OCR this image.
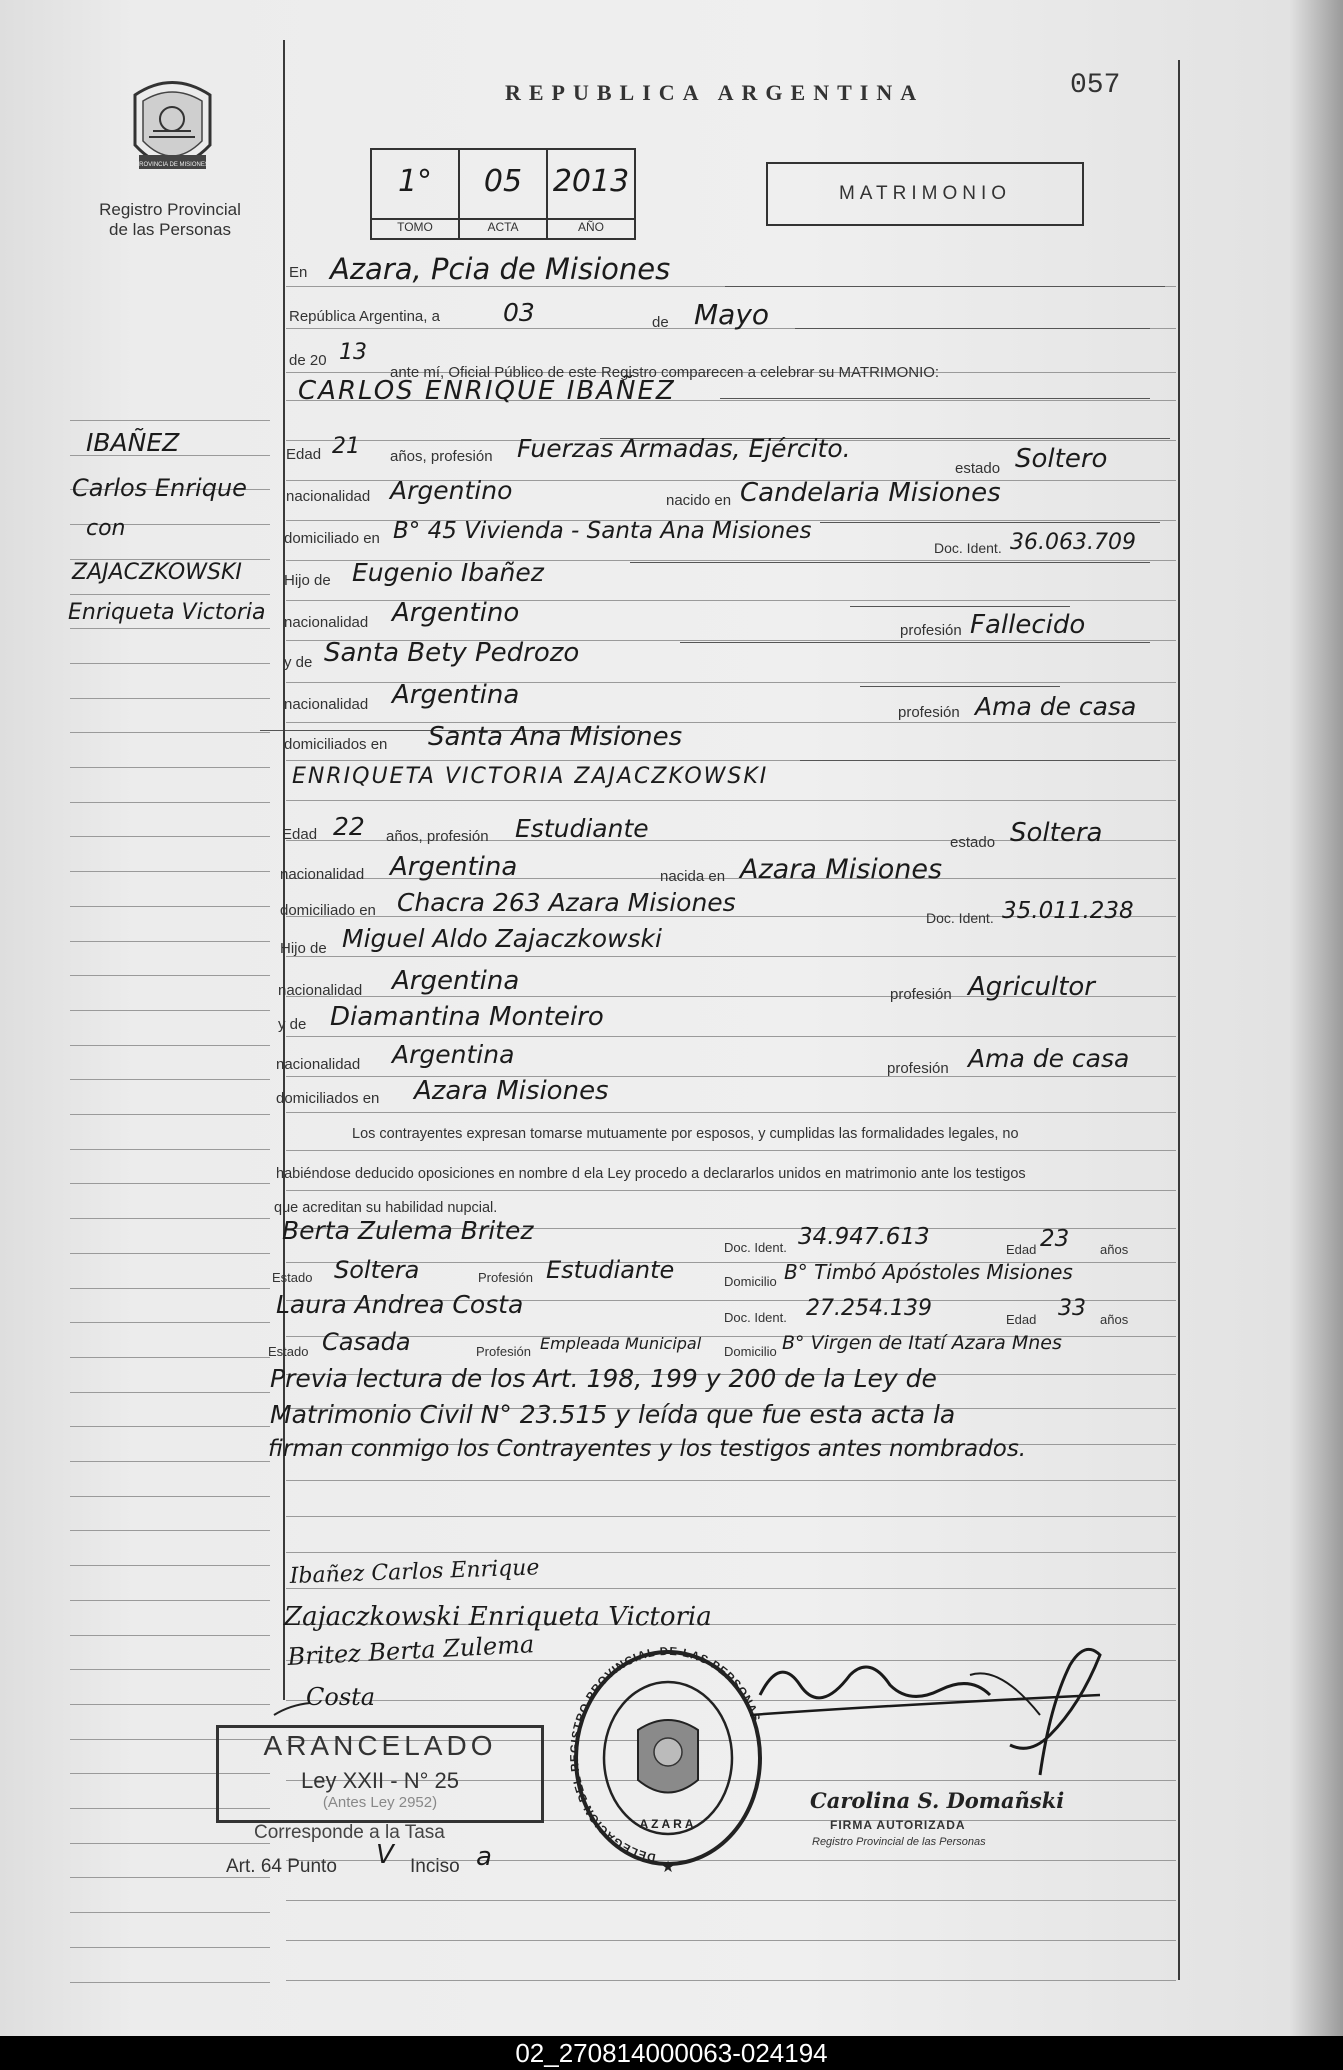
PROVINCIA DE MISIONES
Registro Provincial
de las Personas
REPUBLICA ARGENTINA	057
1°
TOMO
05
ACTA
2013
AÑO
MATRIMONIO
IBAÑEZ
Carlos Enrique
con
ZAJACZKOWSKI
Enriqueta Victoria
En Azara, Pcia de Misiones
República Argentina, a	03	de Mayo
de 20 13
ante mí, Oficial Público de este Registro comparecen a celebrar su MATRIMONIO:
CARLOS ENRIQUE IBAÑEZ
Edad 21 años, profesión Fuerzas Armadas, Ejército.
estado Soltero
nacionalidad Argentino	nacido en Candelaria Misiones
domiciliado en B° 45 Vivienda - Santa Ana Misiones
Doc. Ident. 36.063.709
Hijo de Eugenio Ibañez
nacionalidad Argentino
profesión Fallecido
y de Santa Bety Pedrozo
nacionalidad Argentina
profesión Ama de casa
domiciliados en Santa Ana Misiones
ENRIQUETA VICTORIA ZAJACZKOWSKI
Edad 22 años, profesión Estudiante	estado Soltera
nacionalidad Argentina	nacida en Azara Misiones
domiciliado en Chacra 263 Azara Misiones
Doc. Ident. 35.011.238
Hijo de Miguel Aldo Zajaczkowski
nacionalidad Argentina	profesión Agricultor
y de Diamantina Monteiro
nacionalidad Argentina	profesión Ama de casa
domiciliados en Azara Misiones
Los contrayentes expresan tomarse mutuamente por esposos, y cumplidas las formalidades legales, no
habiéndose deducido oposiciones en nombre d ela Ley procedo a declararlos unidos en matrimonio ante los testigos
que acreditan su habilidad nupcial.
Berta Zulema Britez
Doc. Ident. 34.947.613	Edad 23 años
Estado Soltera	Profesión Estudiante	Domicilio B° Timbó Apóstoles Misiones
Laura Andrea Costa	Doc. Ident. 27.254.139	Edad 33 años
Estado Casada	Profesión Empleada Municipal Domicilio B° Virgen de Itatí Azara Mnes
Previa lectura de los Art. 198, 199 y 200 de la Ley de
Matrimonio Civil N° 23.515 y leída que fue esta acta la
firman conmigo los Contrayentes y los testigos antes nombrados.
Ibañez Carlos Enrique
Zajaczkowski Enriqueta Victoria
Britez Berta Zulema
Costa
ARANCELADO
Ley XXII - N° 25
(Antes Ley 2952)
Corresponde a la Tasa
Art. 64 Punto V Inciso a	DELEGACION DEL REGISTRO PROVINCIAL DE LAS PERSONAS
AZARA
★
Carolina S. Domañski
FIRMA AUTORIZADA
Registro Provincial de las Personas
02_270814000063-024194
